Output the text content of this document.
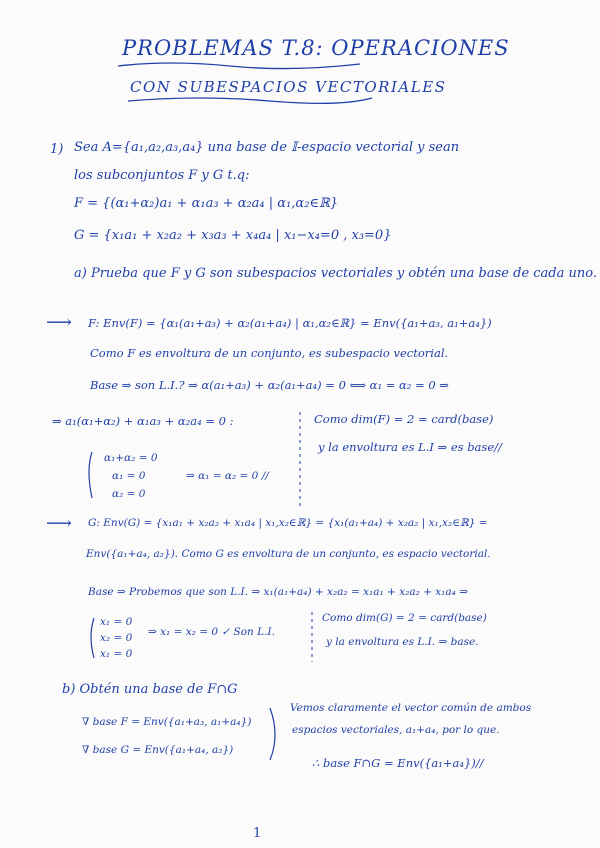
PROBLEMAS T.8: OPERACIONES
CON SUBESPACIOS VECTORIALES
1) Sea A={a₁,a₂,a₃,a₄} una base de 𝕀-espacio vectorial y sean
los subconjuntos F y G t.q:
F = {(α₁+α₂)a₁ + α₁a₃ + α₂a₄ | α₁,α₂∈ℝ}
G = {x₁a₁ + x₂a₂ + x₃a₃ + x₄a₄ | x₁−x₄=0 , x₃=0}
a) Prueba que F y G son subespacios vectoriales y obtén una base de cada uno.
⟶ F: Env(F) = {α₁(a₁+a₃) + α₂(a₁+a₄) | α₁,α₂∈ℝ} = Env({a₁+a₃, a₁+a₄})
Como F es envoltura de un conjunto, es subespacio vectorial.
Base ⇒ son L.I.? ⇒ α(a₁+a₃) + α₂(a₁+a₄) = 0 ⟺ α₁ = α₂ = 0 ⇒
⇒ a₁(α₁+α₂) + α₁a₃ + α₂a₄ = 0 :
α₁+α₂ = 0
α₁ = 0
α₂ = 0
⇒ α₁ = α₂ = 0 //
Como dim(F) = 2 = card(base)
y la envoltura es L.I ⇒ es base//
⟶ G: Env(G) = {x₁a₁ + x₂a₂ + x₁a₄ | x₁,x₂∈ℝ} = {x₁(a₁+a₄) + x₂a₂ | x₁,x₂∈ℝ} =
Env({a₁+a₄, a₂}). Como G es envoltura de un conjunto, es espacio vectorial.
Base ⇒ Probemos que son L.I. ⇒ x₁(a₁+a₄) + x₂a₂ = x₁a₁ + x₂a₂ + x₁a₄ ⇒
x₁ = 0
x₂ = 0
x₁ = 0
⇒ x₁ = x₂ = 0 ✓ Son L.I.
Como dim(G) = 2 = card(base)
y la envoltura es L.I. ⇒ base.
b) Obtén una base de F∩G
∇ base F = Env({a₁+a₃, a₁+a₄})
∇ base G = Env({a₁+a₄, a₂})
Vemos claramente el vector común de ambos
espacios vectoriales, a₁+a₄, por lo que.
∴ base F∩G = Env({a₁+a₄})//
1
